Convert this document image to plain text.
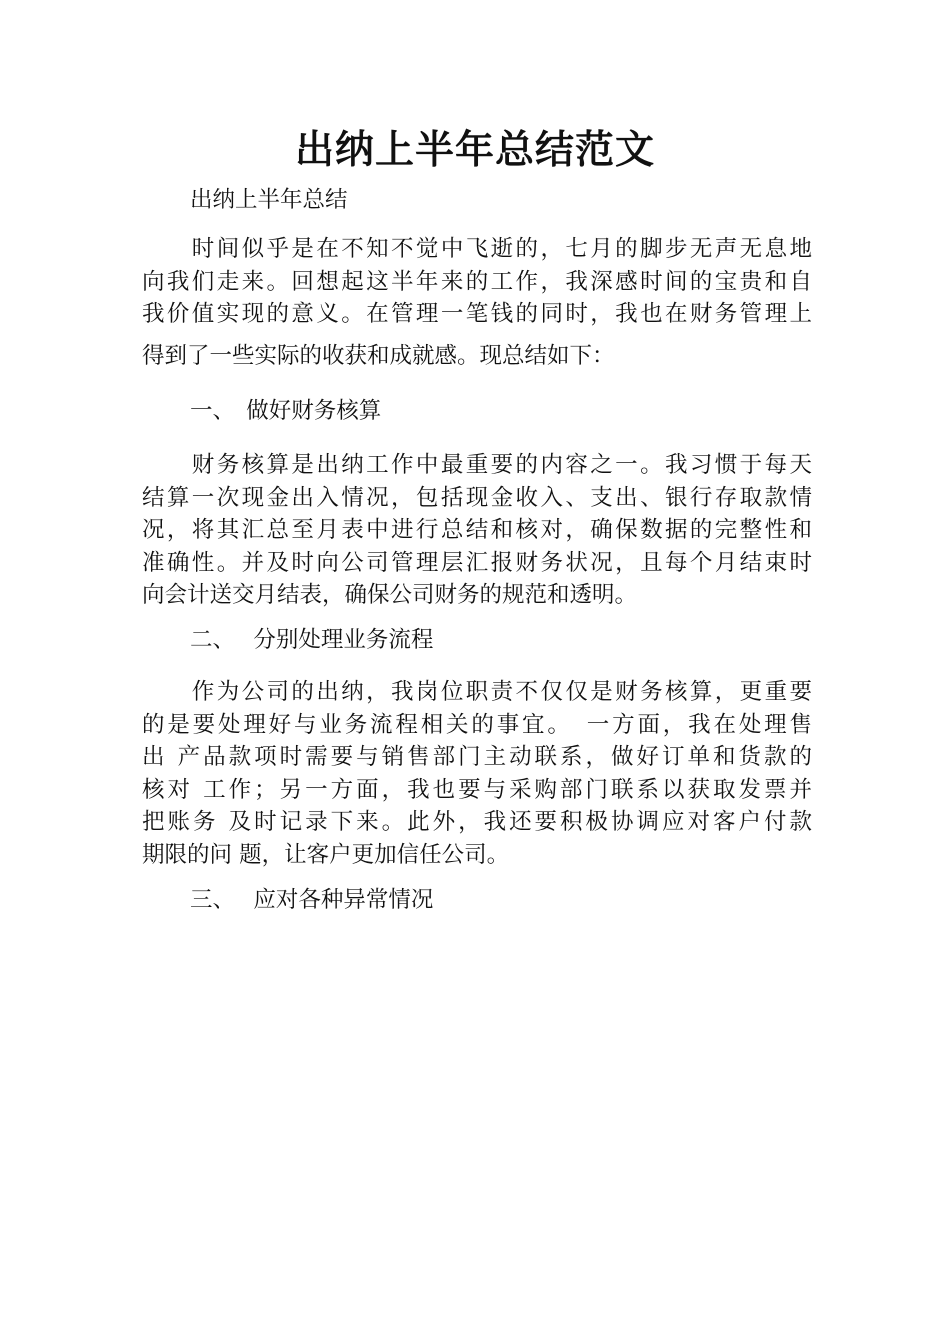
出纳上半年总结范文
出纳上半年总结
　　时间似乎是在不知不觉中飞逝的，七月的脚步无声无息地
向我们走来。回想起这半年来的工作，我深感时间的宝贵和自
我价值实现的意义。在管理一笔钱的同时，我也在财务管理上
得到了一些实际的收获和成就感。现总结如下：
一、　做好财务核算
　　财务核算是出纳工作中最重要的内容之一。我习惯于每天
结算一次现金出入情况，包括现金收入、支出、银行存取款情
况，将其汇总至月表中进行总结和核对，确保数据的完整性和
准确性。并及时向公司管理层汇报财务状况，且每个月结束时
向会计送交月结表，确保公司财务的规范和透明。
二、　 分别处理业务流程
　　作为公司的出纳，我岗位职责不仅仅是财务核算，更重要
的是要处理好与业务流程相关的事宜。　一方面，我在处理售
出 产品款项时需要与销售部门主动联系，做好订单和货款的
核对 工作；另一方面，我也要与采购部门联系以获取发票并
把账务 及时记录下来。此外，我还要积极协调应对客户付款
期限的问 题，让客户更加信任公司。
三、　 应对各种异常情况
